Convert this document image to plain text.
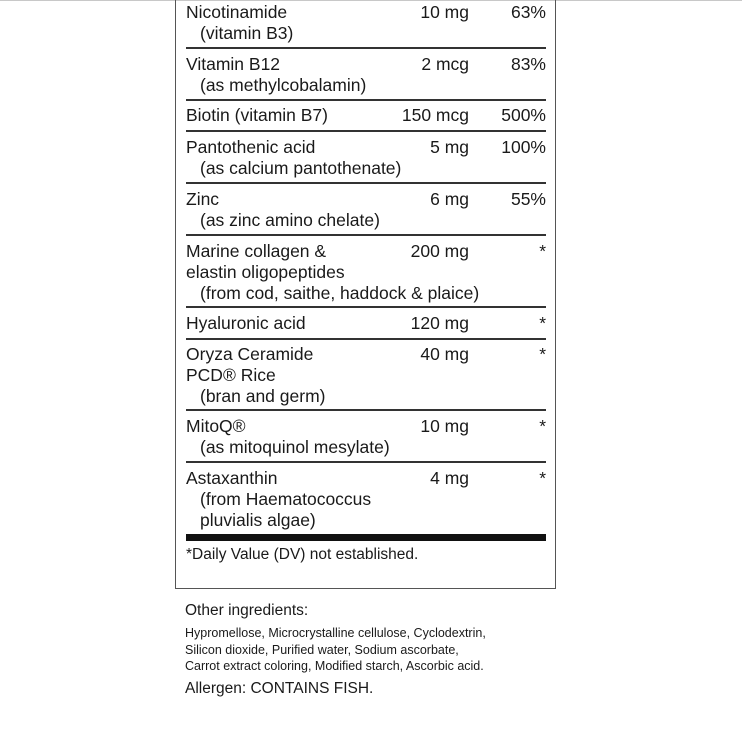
Nicotinamide	10 mg 63%
(vitamin B3)
Vitamin B12	2 mcg 83%
(as methylcobalamin)
Biotin (vitamin B7)	150 mcg 500%
Pantothenic acid	5 mg 100%
(as calcium pantothenate)
Zinc	6 mg 55%
(as zinc amino chelate)
Marine collagen &	200 mg	*
elastin oligopeptides
(from cod, saithe, haddock & plaice)
Hyaluronic acid	120 mg	*
Oryza Ceramide	40 mg	*
PCD® Rice
(bran and germ)
MitoQ®	10 mg	*
(as mitoquinol mesylate)
Astaxanthin	4 mg	*
(from Haematococcus
pluvialis algae)
*Daily Value (DV) not established.
Other ingredients:
Hypromellose, Microcrystalline cellulose, Cyclodextrin,
Silicon dioxide, Purified water, Sodium ascorbate,
Carrot extract coloring, Modified starch, Ascorbic acid.
Allergen: CONTAINS FISH.
